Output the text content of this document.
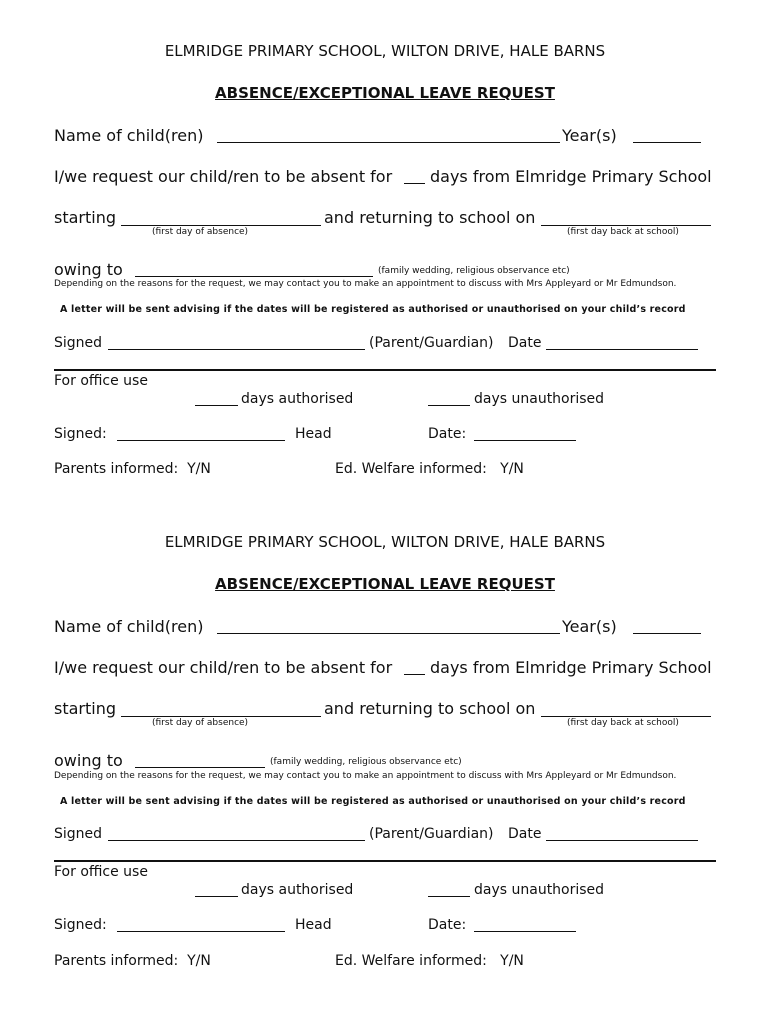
ELMRIDGE PRIMARY SCHOOL, WILTON DRIVE, HALE BARNS
ABSENCE/EXCEPTIONAL LEAVE REQUEST
Name of child(ren)	Year(s)
I/we request our child/ren to be absent for days from Elmridge Primary School
starting	and returning to school on
(first day of absence)	(first day back at school)
owing to	(family wedding, religious observance etc)
Depending on the reasons for the request, we may contact you to make an appointment to discuss with Mrs Appleyard or Mr Edmundson.
A letter will be sent advising if the dates will be registered as authorised or unauthorised on your child’s record
Signed	(Parent/Guardian) Date
For office use
days authorised	days unauthorised
Signed:	Head	Date:
Parents informed:  Y/N	Ed. Welfare informed:   Y/N
ELMRIDGE PRIMARY SCHOOL, WILTON DRIVE, HALE BARNS
ABSENCE/EXCEPTIONAL LEAVE REQUEST
Name of child(ren)	Year(s)
I/we request our child/ren to be absent for days from Elmridge Primary School
starting	and returning to school on
(first day of absence)	(first day back at school)
owing to	(family wedding, religious observance etc)
Depending on the reasons for the request, we may contact you to make an appointment to discuss with Mrs Appleyard or Mr Edmundson.
A letter will be sent advising if the dates will be registered as authorised or unauthorised on your child’s record
Signed	(Parent/Guardian) Date
For office use
days authorised	days unauthorised
Signed:	Head	Date:
Parents informed:  Y/N	Ed. Welfare informed:   Y/N
